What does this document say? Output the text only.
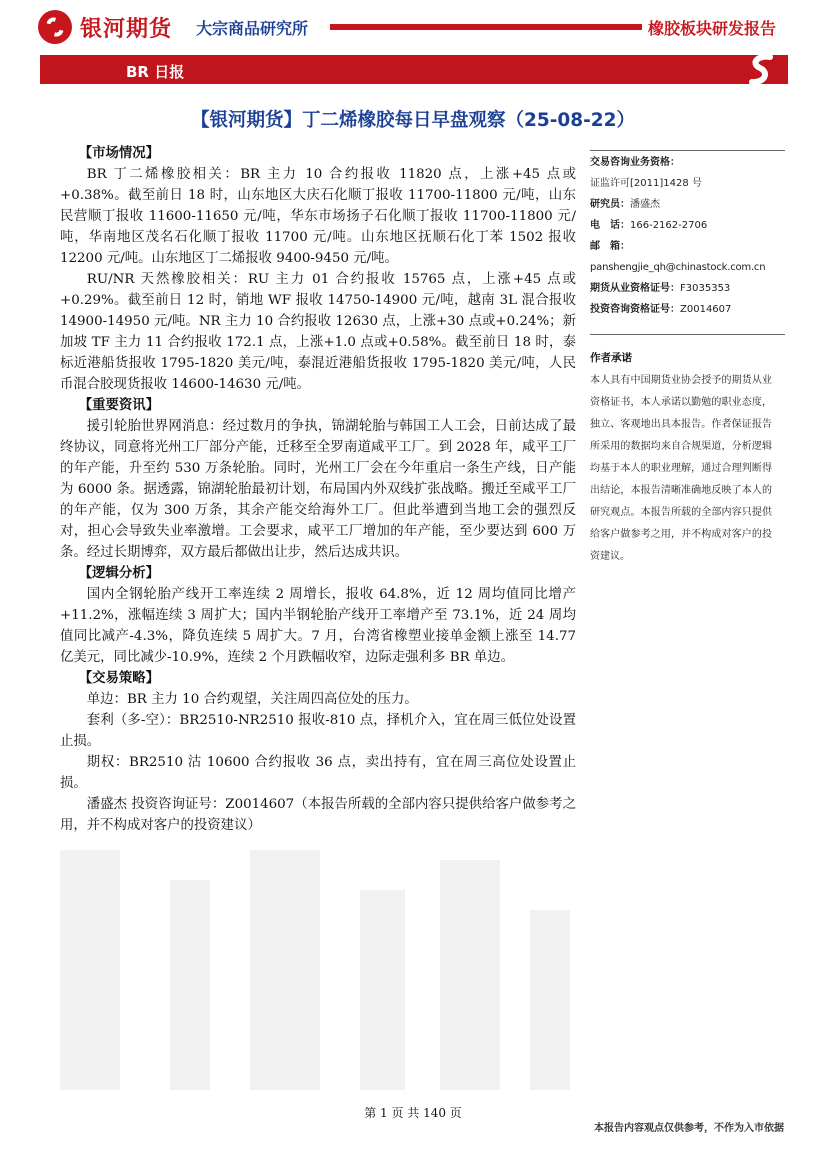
银河期货 大宗商品研究所	橡胶板块研发报告
BR 日报
【银河期货】丁二烯橡胶每日早盘观察（25-08-22）

【市场情况】

BR 丁二烯橡胶相关：BR 主力 10 合约报收 11820 点，上涨+45 点或+0.38%。截至前日 18 时，山东地区大庆石化顺丁报收 11700-11800 元/吨，山东民营顺丁报收 11600-11650 元/吨，华东市场扬子石化顺丁报收 11700-11800 元/吨，华南地区茂名石化顺丁报收 11700 元/吨。山东地区抚顺石化丁苯 1502 报收 12200 元/吨。山东地区丁二烯报收 9400-9450 元/吨。

RU/NR 天然橡胶相关：RU 主力 01 合约报收 15765 点，上涨+45 点或+0.29%。截至前日 12 时，销地 WF 报收 14750-14900 元/吨，越南 3L 混合报收 14900-14950 元/吨。NR 主力 10 合约报收 12630 点，上涨+30 点或+0.24%；新加坡 TF 主力 11 合约报收 172.1 点，上涨+1.0 点或+0.58%。截至前日 18 时，泰标近港船货报收 1795-1820 美元/吨，泰混近港船货报收 1795-1820 美元/吨，人民币混合胶现货报收 14600-14630 元/吨。

【重要资讯】

援引轮胎世界网消息：经过数月的争执，锦湖轮胎与韩国工人工会，日前达成了最终协议，同意将光州工厂部分产能，迁移至全罗南道咸平工厂。到 2028 年，咸平工厂的年产能，升至约 530 万条轮胎。同时，光州工厂会在今年重启一条生产线，日产能为 6000 条。据透露，锦湖轮胎最初计划，布局国内外双线扩张战略。搬迁至咸平工厂的年产能，仅为 300 万条，其余产能交给海外工厂。但此举遭到当地工会的强烈反对，担心会导致失业率激增。工会要求，咸平工厂增加的年产能，至少要达到 600 万条。经过长期博弈，双方最后都做出让步，然后达成共识。

【逻辑分析】

国内全钢轮胎产线开工率连续 2 周增长，报收 64.8%，近 12 周均值同比增产+11.2%，涨幅连续 3 周扩大；国内半钢轮胎产线开工率增产至 73.1%，近 24 周均值同比减产-4.3%，降负连续 5 周扩大。7 月，台湾省橡塑业接单金额上涨至 14.77 亿美元，同比减少-10.9%，连续 2 个月跌幅收窄，边际走强利多 BR 单边。

【交易策略】

单边：BR 主力 10 合约观望，关注周四高位处的压力。

套利（多-空）：BR2510-NR2510 报收-810 点，择机介入，宜在周三低位处设置止损。

期权：BR2510 沽 10600 合约报收 36 点，卖出持有，宜在周三高位处设置止损。

潘盛杰 投资咨询证号：Z0014607（本报告所载的全部内容只提供给客户做参考之用，并不构成对客户的投资建议）

交易咨询业务资格：
证监许可[2011]1428 号
研究员：潘盛杰
电　话：166-2162-2706
邮　箱：
panshengjie_qh@chinastock.com.cn
期货从业资格证号：F3035353
投资咨询资格证号：Z0014607
作者承诺
本人具有中国期货业协会授予的期货从业资格证书，本人承诺以勤勉的职业态度，独立、客观地出具本报告。作者保证报告所采用的数据均来自合规渠道，分析逻辑均基于本人的职业理解，通过合理判断得出结论，本报告清晰准确地反映了本人的研究观点。本报告所载的全部内容只提供给客户做参考之用，并不构成对客户的投资建议。
第 1 页 共 140 页
本报告内容观点仅供参考，不作为入市依据
